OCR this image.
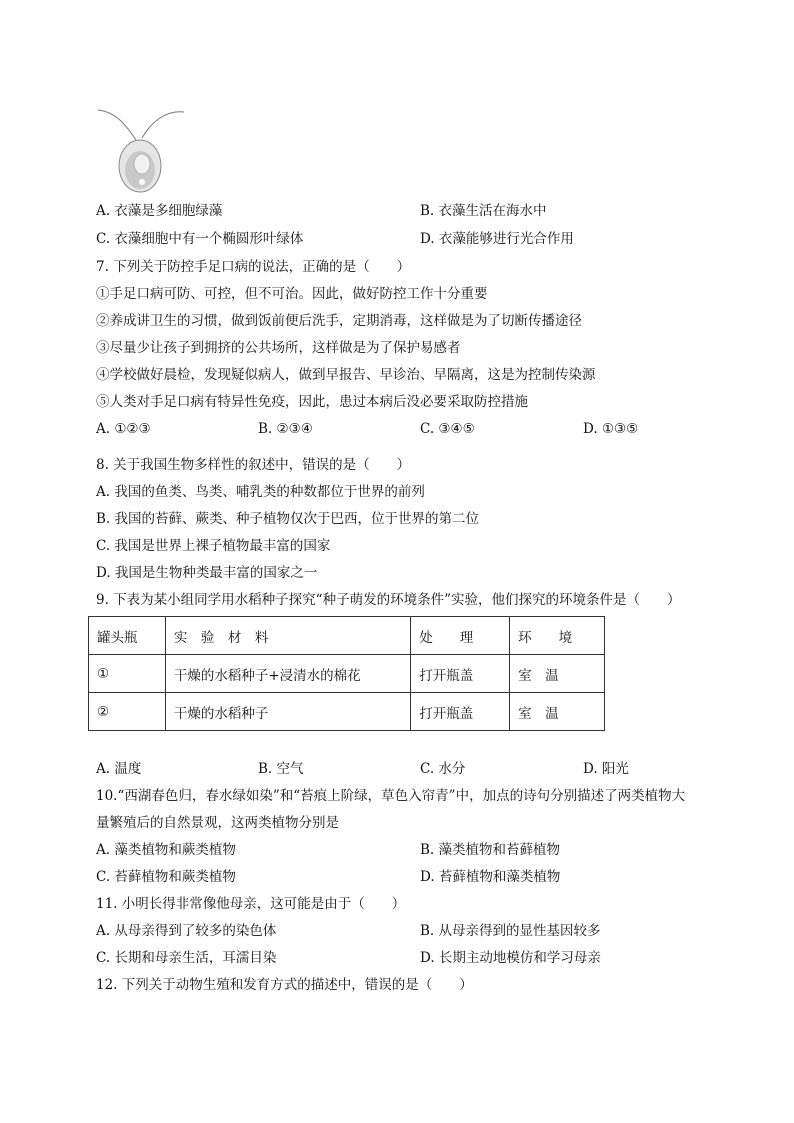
A. 衣藻是多细胞绿藻	B. 衣藻生活在海水中
C. 衣藻细胞中有一个椭圆形叶绿体	D. 衣藻能够进行光合作用
7. 下列关于防控手足口病的说法，正确的是（　　）
①手足口病可防、可控，但不可治。因此，做好防控工作十分重要
②养成讲卫生的习惯，做到饭前便后洗手，定期消毒，这样做是为了切断传播途径
③尽量少让孩子到拥挤的公共场所，这样做是为了保护易感者
④学校做好晨检，发现疑似病人，做到早报告、早诊治、早隔离，这是为控制传染源
⑤人类对手足口病有特异性免疫，因此，患过本病后没必要采取防控措施
A. ①②③	B. ②③④	C. ③④⑤	D. ①③⑤
8. 关于我国生物多样性的叙述中，错误的是（　　）
A. 我国的鱼类、鸟类、哺乳类的种数都位于世界的前列
B. 我国的苔藓、蕨类、种子植物仅次于巴西，位于世界的第二位
C. 我国是世界上裸子植物最丰富的国家
D. 我国是生物种类最丰富的国家之一
9. 下表为某小组同学用水稻种子探究“种子萌发的环境条件”实验，他们探究的环境条件是（　　）
罐头瓶	实　验　材　料	处　　理	环　　境
①	干燥的水稻种子+浸清水的棉花	打开瓶盖	室　温
②	干燥的水稻种子	打开瓶盖	室　温
A. 温度	B. 空气	C. 水分	D. 阳光
10.“西湖春色归，春水绿如染”和“苔痕上阶绿，草色入帘青”中，加点的诗句分别描述了两类植物大
量繁殖后的自然景观，这两类植物分别是
A. 藻类植物和蕨类植物	B. 藻类植物和苔藓植物
C. 苔藓植物和蕨类植物	D. 苔藓植物和藻类植物
11. 小明长得非常像他母亲，这可能是由于（　　）
A. 从母亲得到了较多的染色体	B. 从母亲得到的显性基因较多
C. 长期和母亲生活，耳濡目染	D. 长期主动地模仿和学习母亲
12. 下列关于动物生殖和发育方式的描述中，错误的是（　　）
